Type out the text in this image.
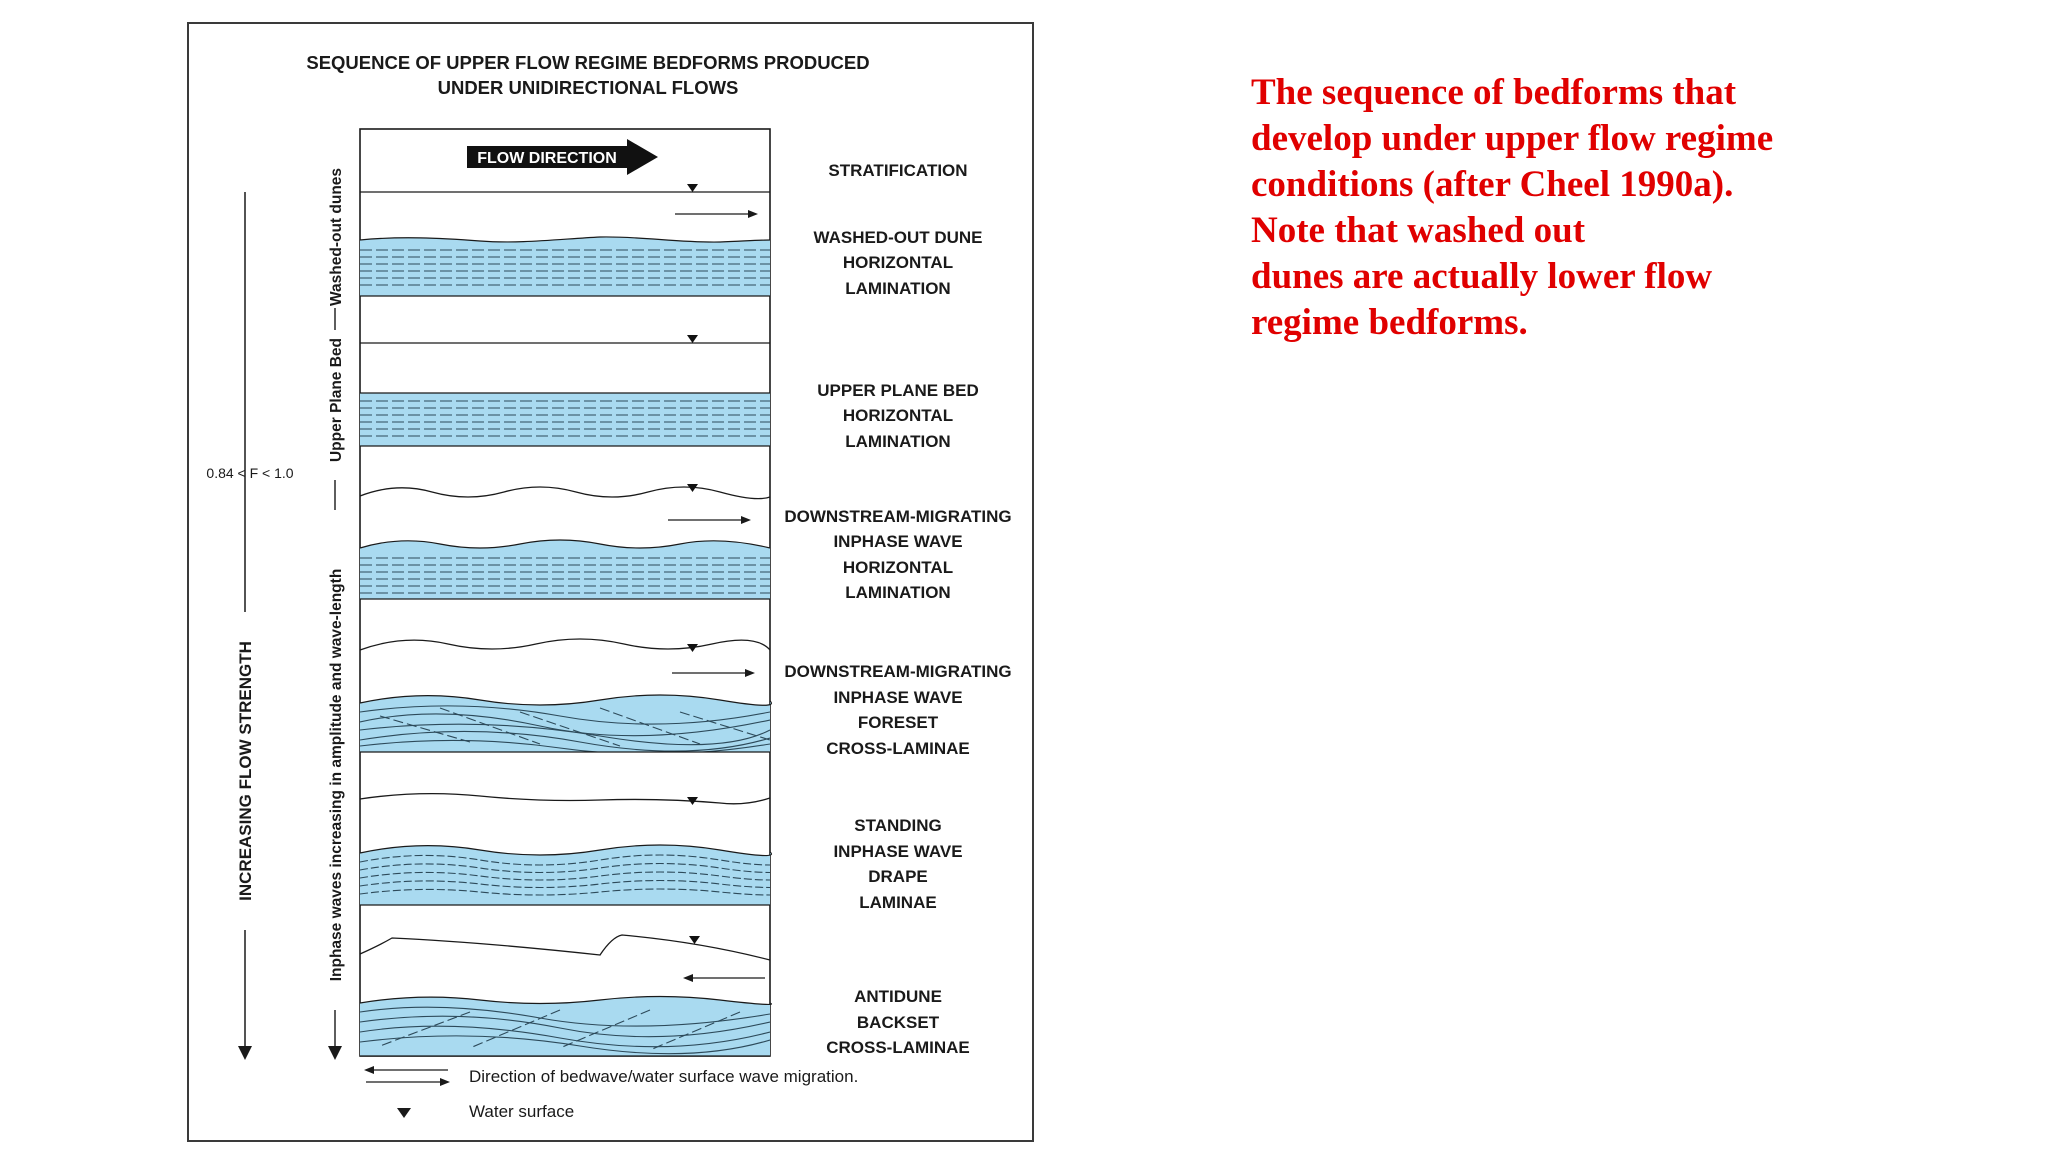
SEQUENCE OF UPPER FLOW REGIME BEDFORMS PRODUCED
UNDER UNIDIRECTIONAL FLOWS
FLOW DIRECTION
STRATIFICATION
WASHED-OUT DUNE
HORIZONTAL
LAMINATION
UPPER PLANE BED
HORIZONTAL
LAMINATION
DOWNSTREAM-MIGRATING
INPHASE WAVE
HORIZONTAL
LAMINATION
DOWNSTREAM-MIGRATING
INPHASE WAVE
FORESET
CROSS-LAMINAE
STANDING
INPHASE WAVE
DRAPE
LAMINAE
ANTIDUNE
BACKSET
CROSS-LAMINAE
INCREASING FLOW STRENGTH
0.84 < F < 1.0
Inphase waves increasing in amplitude and wave-length
Upper Plane Bed
Washed-out dunes
Direction of bedwave/water surface wave migration.
Water surface
The sequence of bedforms that
develop under upper flow regime
conditions (after Cheel 1990a).
Note that washed out
dunes are actually lower flow
regime bedforms.
